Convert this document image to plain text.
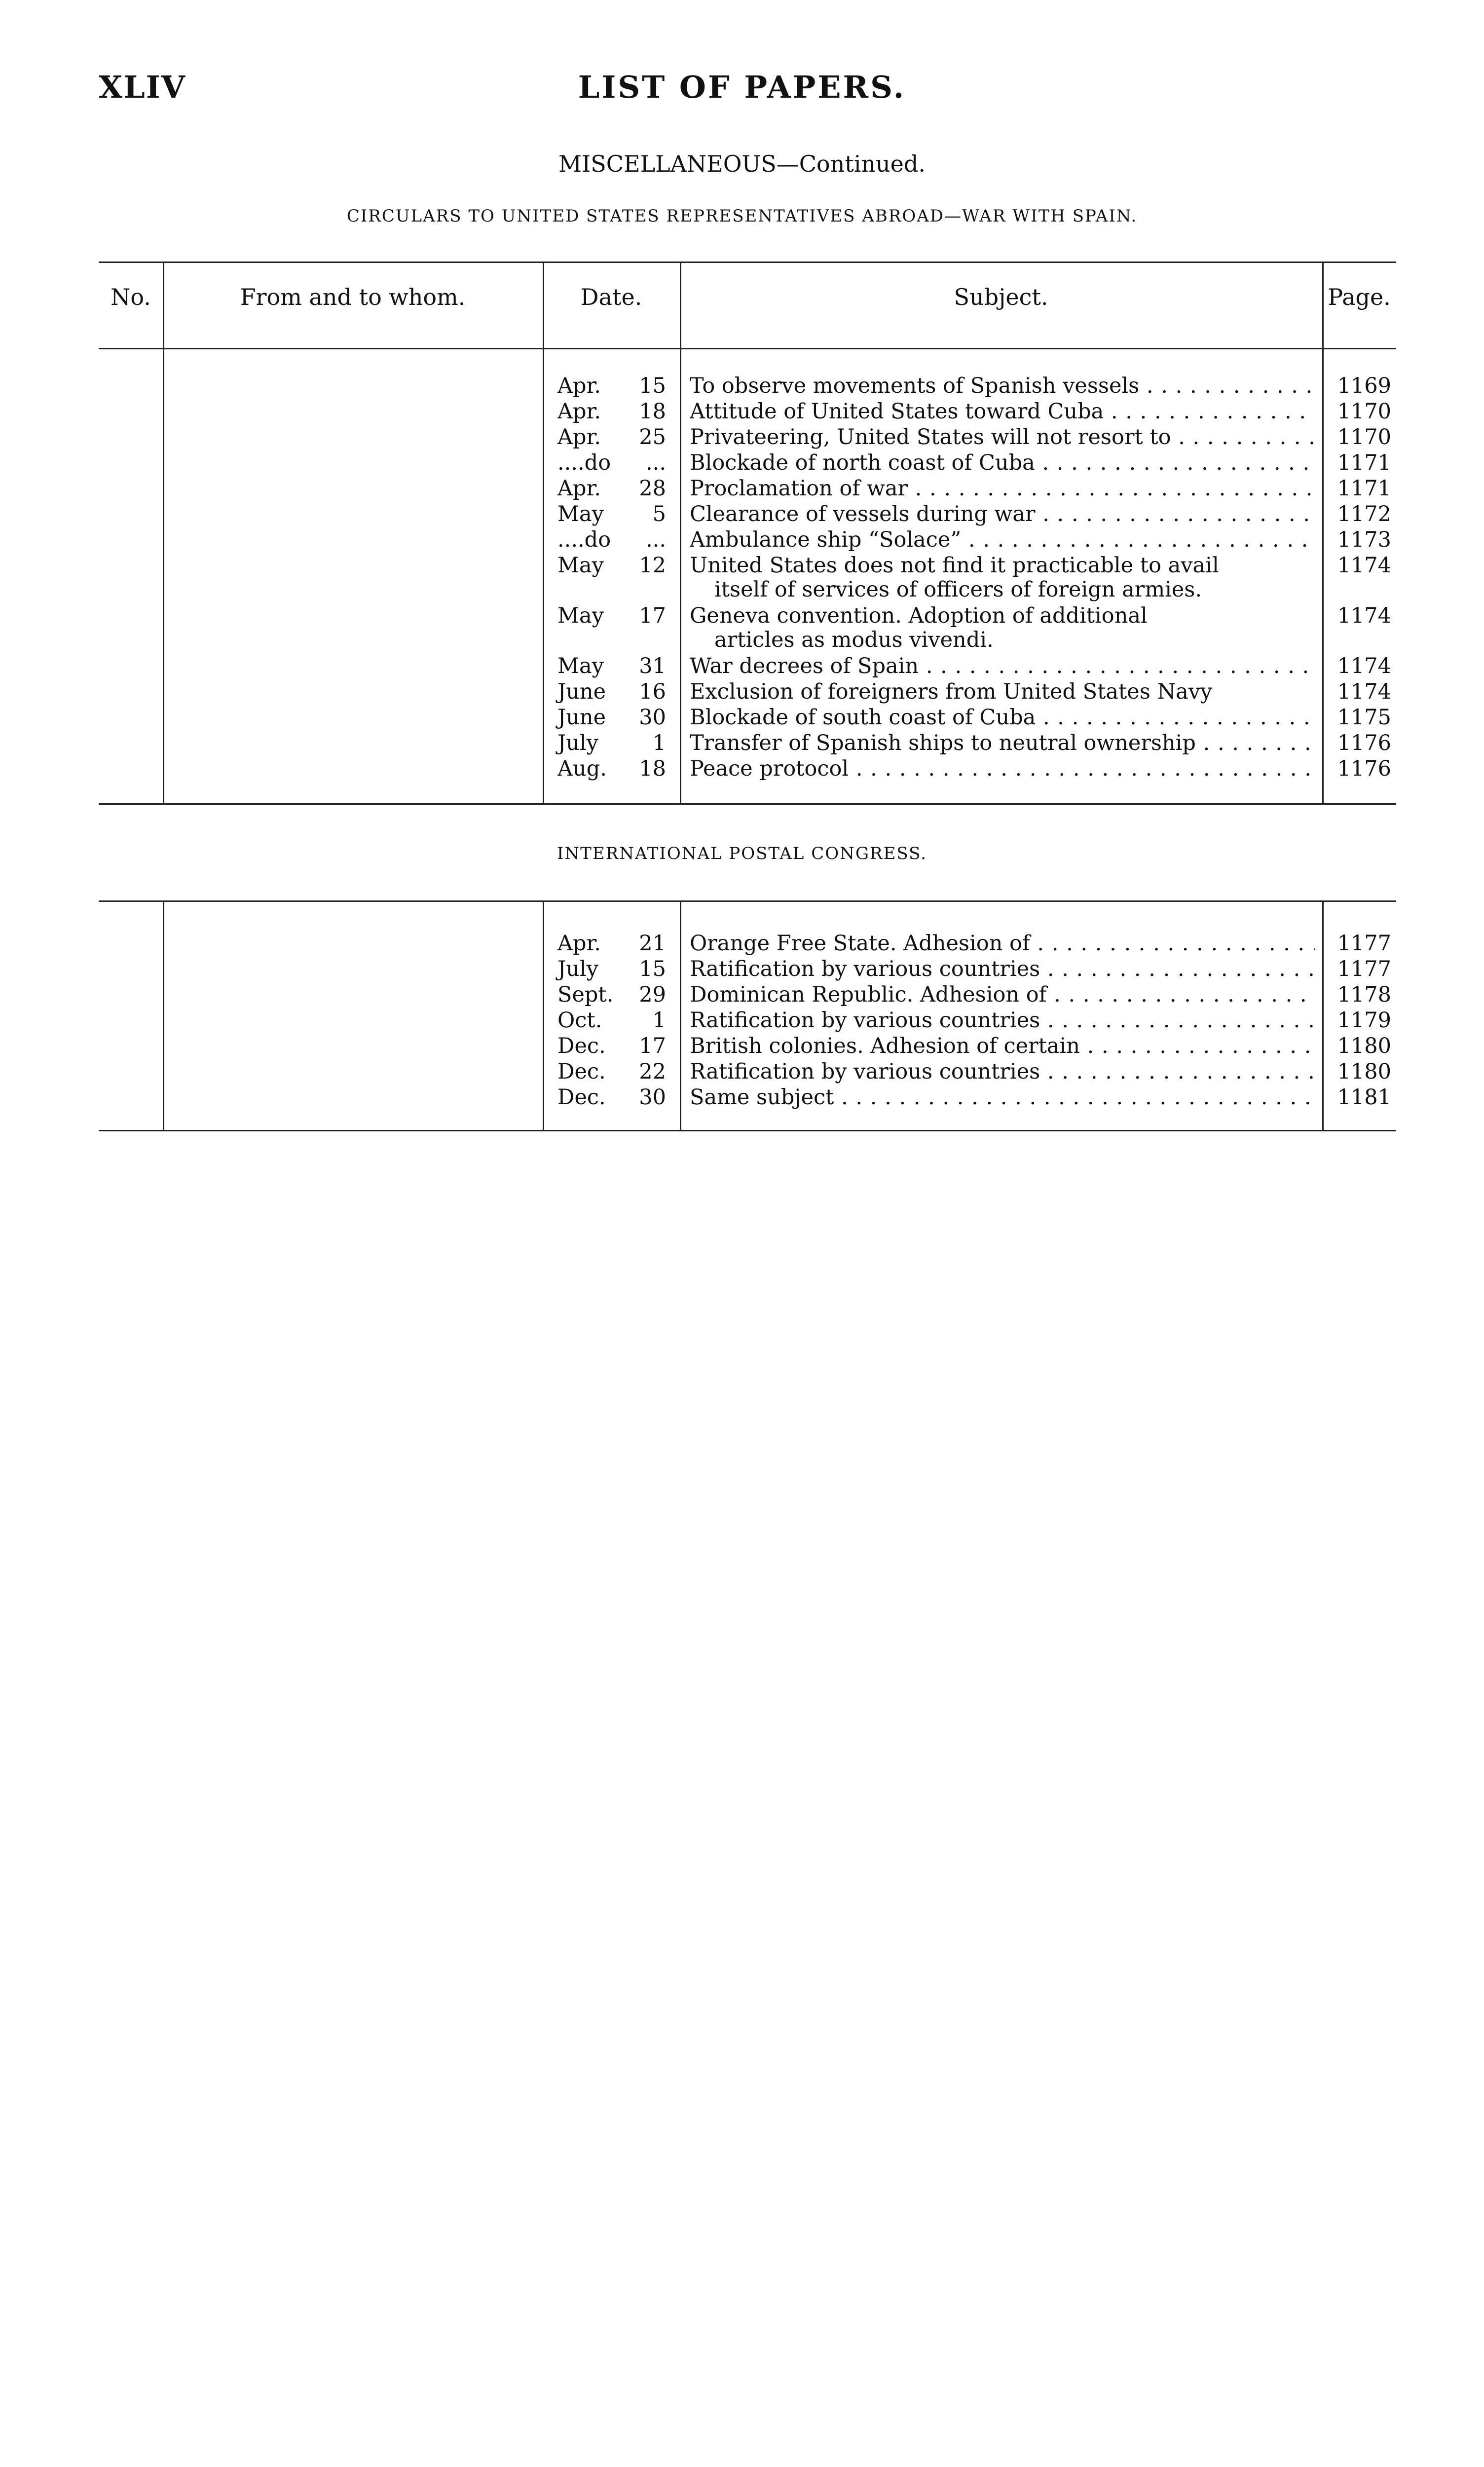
XLIV	LIST OF PAPERS.
MISCELLANEOUS—Continued.
CIRCULARS TO UNITED STATES REPRESENTATIVES ABROAD—WAR WITH SPAIN.
No.	From and to whom.	Date.	Subject.	Page.
Apr. 15 To observe movements of Spanish vessels . . .	1169
Apr. 18 Attitude of United States toward Cuba . . .	1170
Apr. 25 Privateering, United States will not resort to . . .	1170
....do ... Blockade of north coast of Cuba . . .	1171
Apr. 28 Proclamation of war . . .	1171
May 5 Clearance of vessels during war . . .	1172
....do ... Ambulance ship “Solace” . . .	1173
May 12 United States does not find it practicable to avail	1174
itself of services of officers of foreign armies.
May 17 Geneva convention. Adoption of additional	1174
articles as modus vivendi.
May 31 War decrees of Spain . . .	1174
June 16 Exclusion of foreigners from United States Navy	1174
June 30 Blockade of south coast of Cuba . . .	1175
July	1 Transfer of Spanish ships to neutral ownership . . .	1176
Aug. 18 Peace protocol . . .	1176
INTERNATIONAL POSTAL CONGRESS.
Apr. 21 Orange Free State. Adhesion of . . .	1177
July 15 Ratification by various countries . . .	1177
Sept. 29 Dominican Republic. Adhesion of . . .	1178
Oct. 1 Ratification by various countries . . .	1179
Dec. 17 British colonies. Adhesion of certain . . .	1180
Dec. 22 Ratification by various countries . . .	1180
Dec. 30 Same subject . . .	1181
